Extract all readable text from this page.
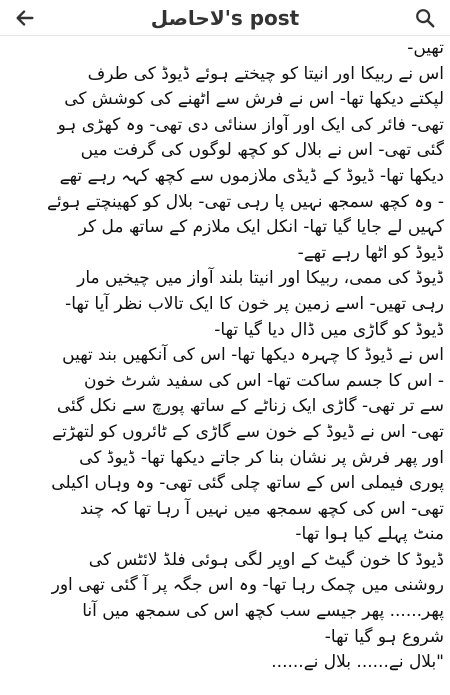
لاحاصل's post
تھیں-
اس نے ربیکا اور انیتا کو چیختے ہوئے ڈیوڈ کی طرف
لپکتے دیکھا تھا- اس نے فرش سے اٹھنے کی کوشش کی
تھی- فائر کی ایک اور آواز سنائی دی تھی- وہ کھڑی ہو
گئی تھی- اس نے بلال کو کچھ لوگوں کی گرفت میں
دیکھا تھا- ڈیوڈ کے ڈیڈی ملازموں سے کچھ کہہ رہے تھے
- وہ کچھ سمجھ نہیں پا رہی تھی- بلال کو کھینچتے ہوئے
کہیں لے جایا گیا تھا- انکل ایک ملازم کے ساتھ مل کر
ڈیوڈ کو اٹھا رہے تھے-
ڈیوڈ کی ممی، ربیکا اور انیتا بلند آواز میں چیخیں مار
رہی تھیں- اسے زمین پر خون کا ایک تالاب نظر آیا تھا-
ڈیوڈ کو گاڑی میں ڈال دیا گیا تھا-
اس نے ڈیوڈ کا چہرہ دیکھا تھا- اس کی آنکھیں بند تھیں
- اس کا جسم ساکت تھا- اس کی سفید شرٹ خون
سے تر تھی- گاڑی ایک زناٹے کے ساتھ پورچ سے نکل گئی
تھی- اس نے ڈیوڈ کے خون سے گاڑی کے ٹائروں کو لتھڑتے
اور پھر فرش پر نشان بنا کر جاتے دیکھا تھا- ڈیوڈ کی
پوری فیملی اس کے ساتھ چلی گئی تھی- وہ وہاں اکیلی
تھی- اس کی کچھ سمجھ میں نہیں آ رہا تھا کہ چند
منٹ پہلے کیا ہوا تھا-
ڈیوڈ کا خون گیٹ کے اوپر لگی ہوئی فلڈ لائٹس کی
روشنی میں چمک رہا تھا- وہ اس جگہ پر آ گئی تھی اور
پھر...... پھر جیسے سب کچھ اس کی سمجھ میں آنا
شروع ہو گیا تھا-
"بلال نے...... بلال نے......
